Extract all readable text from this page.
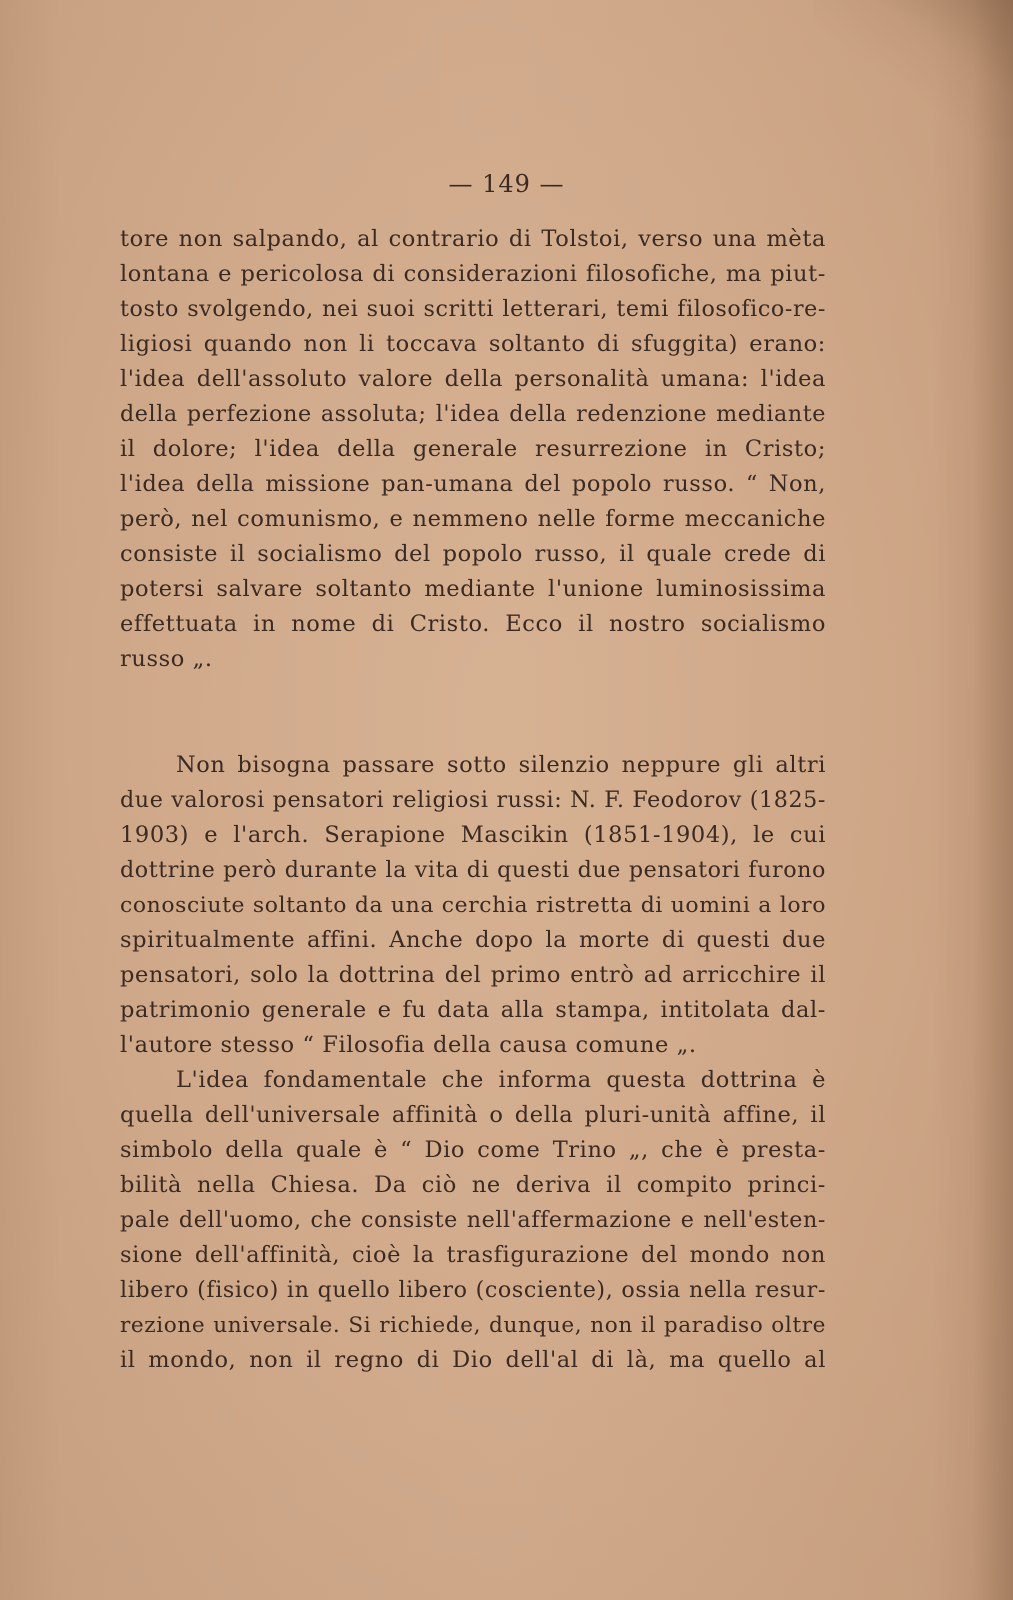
— 149 —
tore non salpando, al contrario di Tolstoi, verso una mèta
lontana e pericolosa di considerazioni filosofiche, ma piut-
tosto svolgendo, nei suoi scritti letterari, temi filosofico-re-
ligiosi quando non li toccava soltanto di sfuggita) erano:
l'idea dell'assoluto valore della personalità umana: l'idea
della perfezione assoluta; l'idea della redenzione mediante
il dolore; l'idea della generale resurrezione in Cristo;
l'idea della missione pan-umana del popolo russo. “ Non,
però, nel comunismo, e nemmeno nelle forme meccaniche
consiste il socialismo del popolo russo, il quale crede di
potersi salvare soltanto mediante l'unione luminosissima
effettuata in nome di Cristo. Ecco il nostro socialismo
russo „.
Non bisogna passare sotto silenzio neppure gli altri
due valorosi pensatori religiosi russi: N. F. Feodorov (1825-
1903) e l'arch. Serapione Mascikin (1851-1904), le cui
dottrine però durante la vita di questi due pensatori furono
conosciute soltanto da una cerchia ristretta di uomini a loro
spiritualmente affini. Anche dopo la morte di questi due
pensatori, solo la dottrina del primo entrò ad arricchire il
patrimonio generale e fu data alla stampa, intitolata dal-
l'autore stesso “ Filosofia della causa comune „.
L'idea fondamentale che informa questa dottrina è
quella dell'universale affinità o della pluri-unità affine, il
simbolo della quale è “ Dio come Trino „, che è presta-
bilità nella Chiesa. Da ciò ne deriva il compito princi-
pale dell'uomo, che consiste nell'affermazione e nell'esten-
sione dell'affinità, cioè la trasfigurazione del mondo non
libero (fisico) in quello libero (cosciente), ossia nella resur-
rezione universale. Si richiede, dunque, non il paradiso oltre
il mondo, non il regno di Dio dell'al di là, ma quello al
